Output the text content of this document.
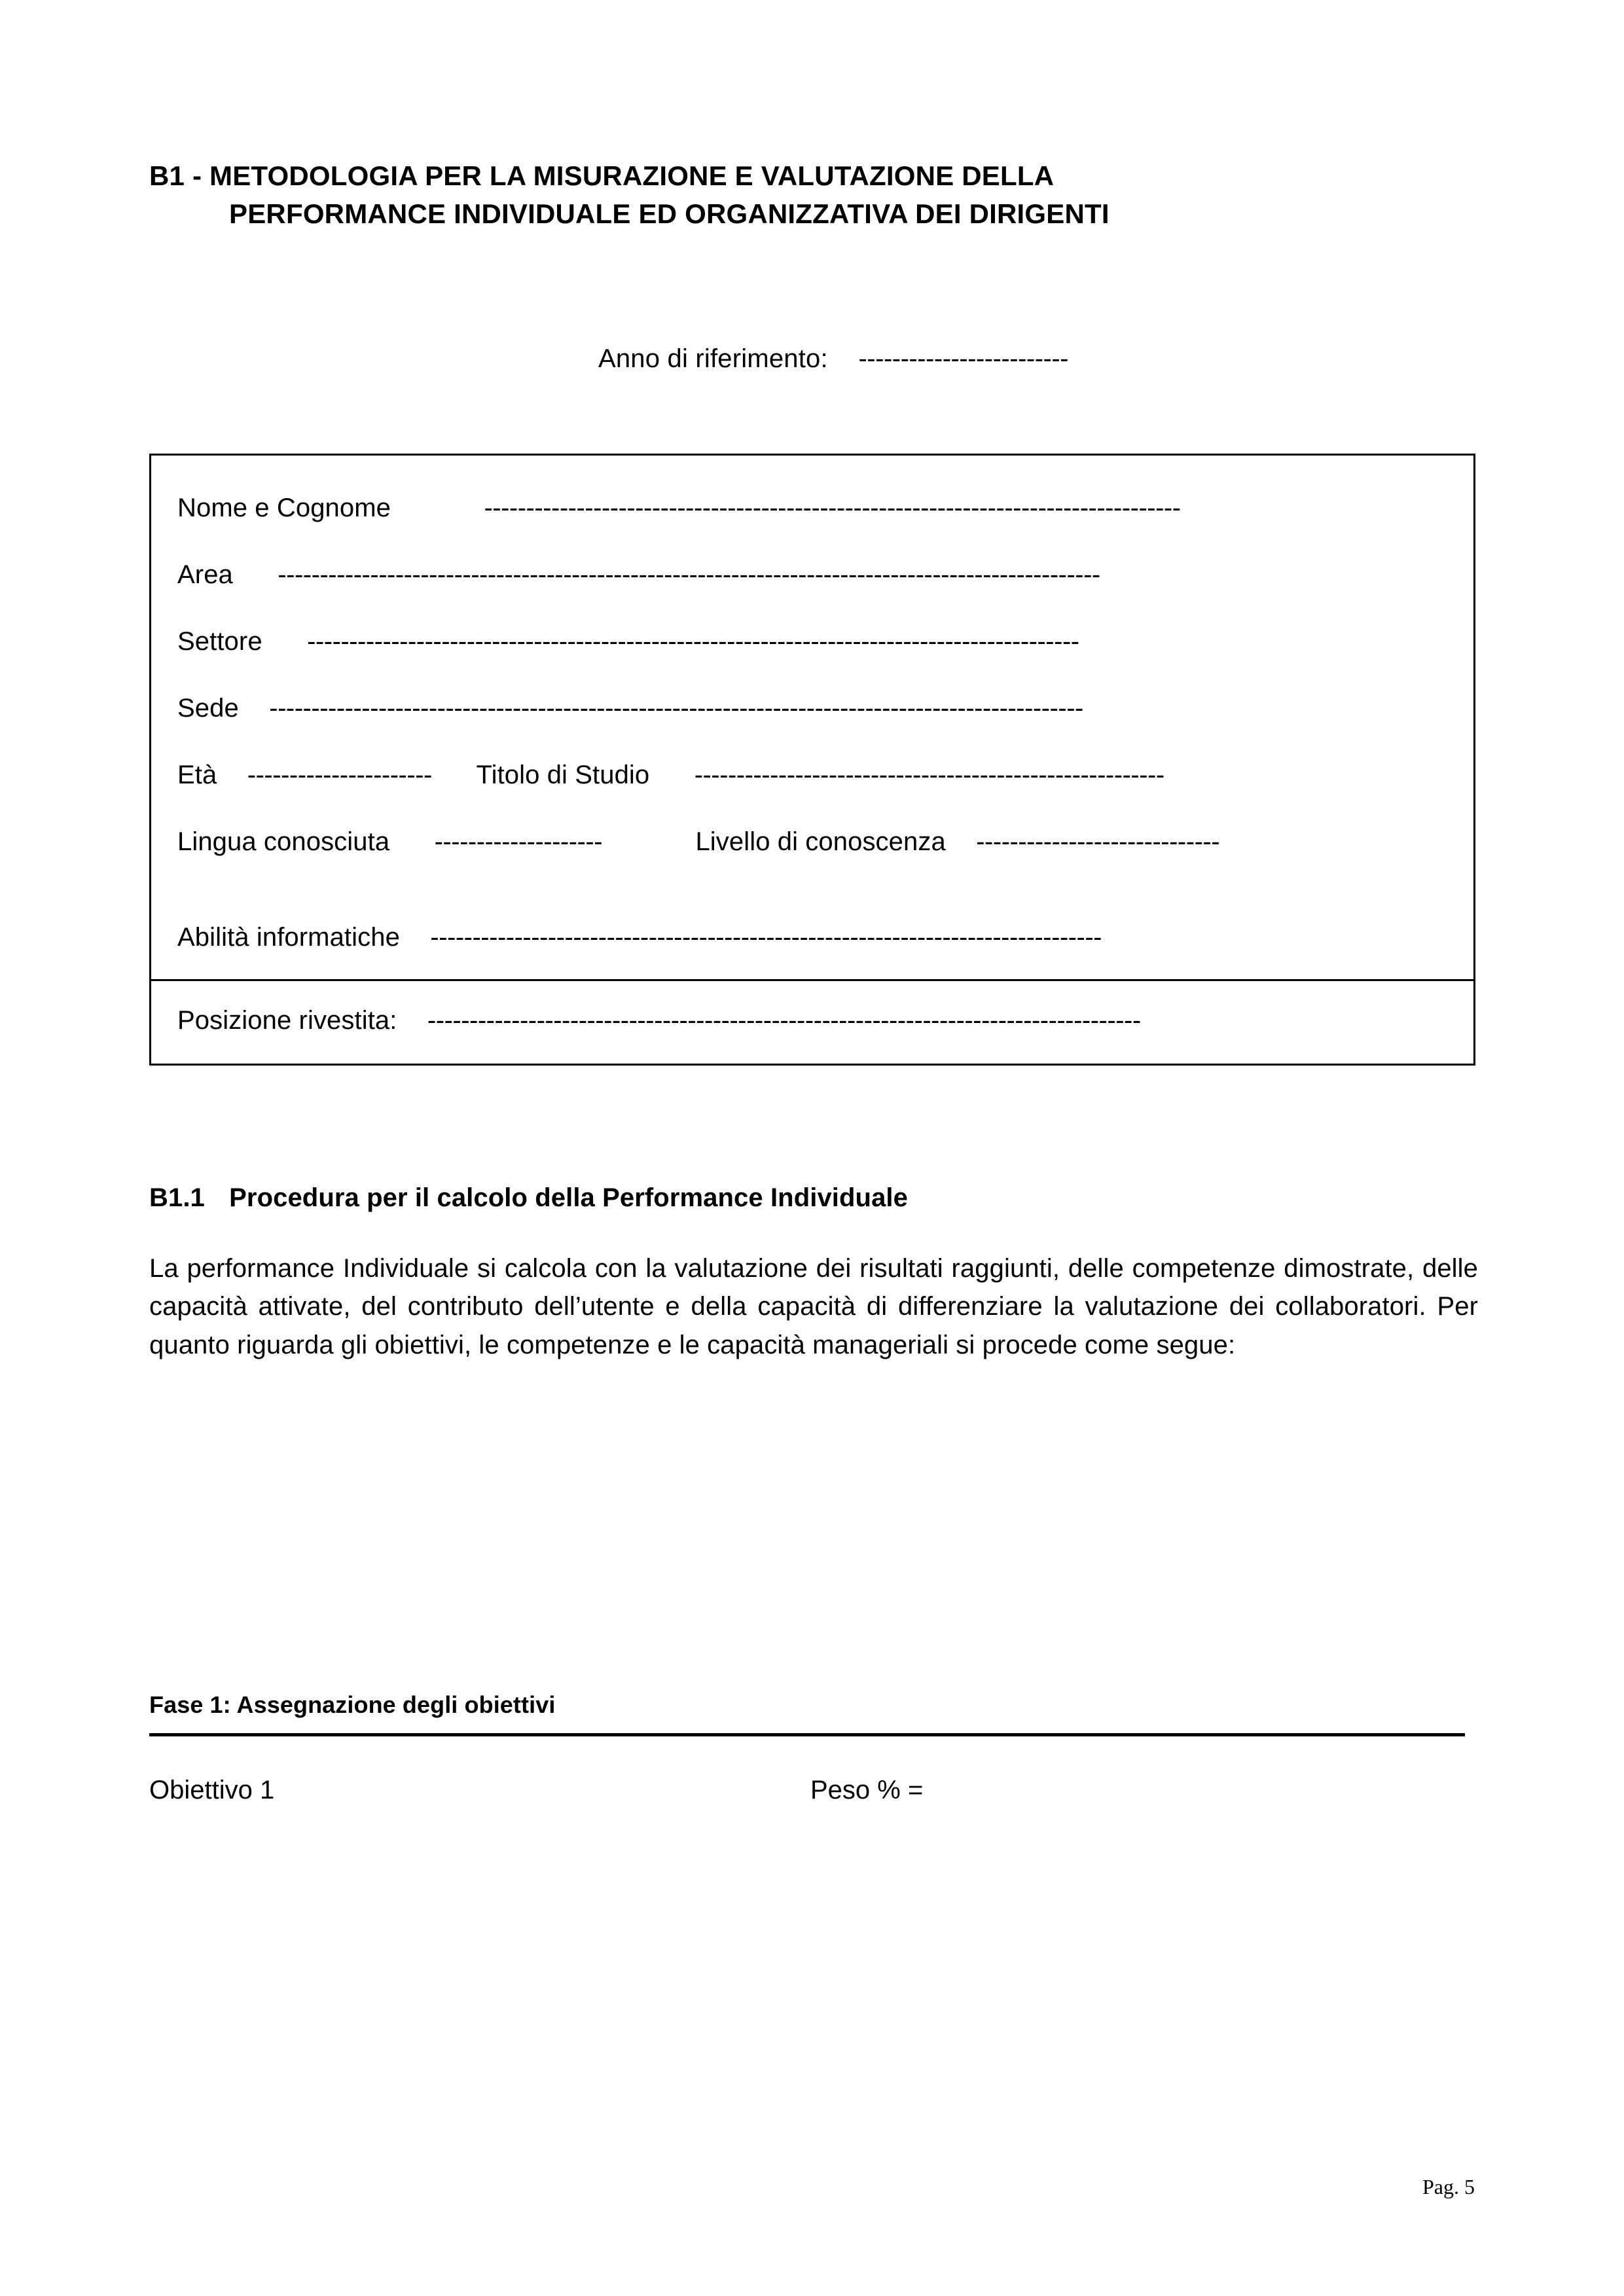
B1 - METODOLOGIA PER LA MISURAZIONE E VALUTAZIONE DELLA
PERFORMANCE INDIVIDUALE ED ORGANIZZATIVA DEI DIRIGENTI
Anno di riferimento: -------------------------
Nome e Cognome	-----------------------------------------------------------------------------------
Area --------------------------------------------------------------------------------------------------
Settore --------------------------------------------------------------------------------------------
Sede -------------------------------------------------------------------------------------------------
Età ---------------------- Titolo di Studio --------------------------------------------------------
Lingua conosciuta --------------------	Livello di conoscenza -----------------------------
Abilità informatiche --------------------------------------------------------------------------------
Posizione rivestita: -------------------------------------------------------------------------------------
B1.1 Procedura per il calcolo della Performance Individuale

La performance Individuale si calcola con la valutazione dei risultati raggiunti, delle competenze dimostrate, delle capacità attivate, del contributo dell’utente e della capacità di differenziare la valutazione dei collaboratori. Per quanto riguarda gli obiettivi, le competenze e le capacità manageriali si procede come segue:

Fase 1: Assegnazione degli obiettivi
Obiettivo 1	Peso % =
Pag. 5
